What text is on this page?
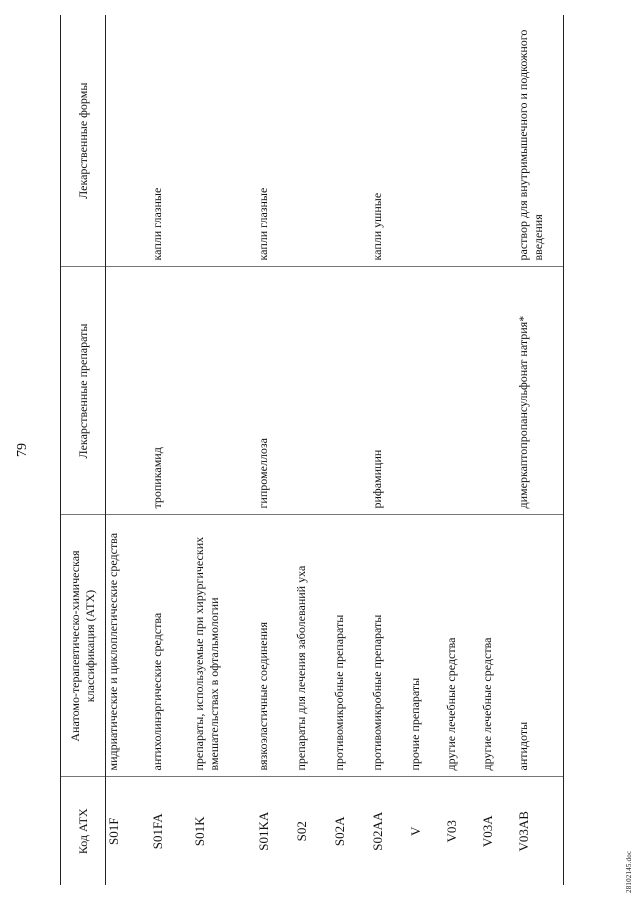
79
Код АТХ	Анатомо-терапевтическо-химическая классификация (АТХ)	Лекарственные препараты	Лекарственные формы
S01F	мидриатические и циклоплегические средства		
S01FA	антихолинэргические средства	тропикамид	капли глазные
S01K	препараты, используемые при хирургических вмешательствах в офтальмологии		
S01KA	вязкоэластичные соединения	гипромеллоза	капли глазные
S02	препараты для лечения заболеваний уха		
S02A	противомикробные препараты		
S02AA	противомикробные препараты	рифамицин	капли ушные
V	прочие препараты		
V03	другие лечебные средства		
V03A	другие лечебные средства		
V03AB	антидоты	димеркаптопропансульфонат натрия*	раствор для внутримышечного и подкожного введения
28102145.doc
